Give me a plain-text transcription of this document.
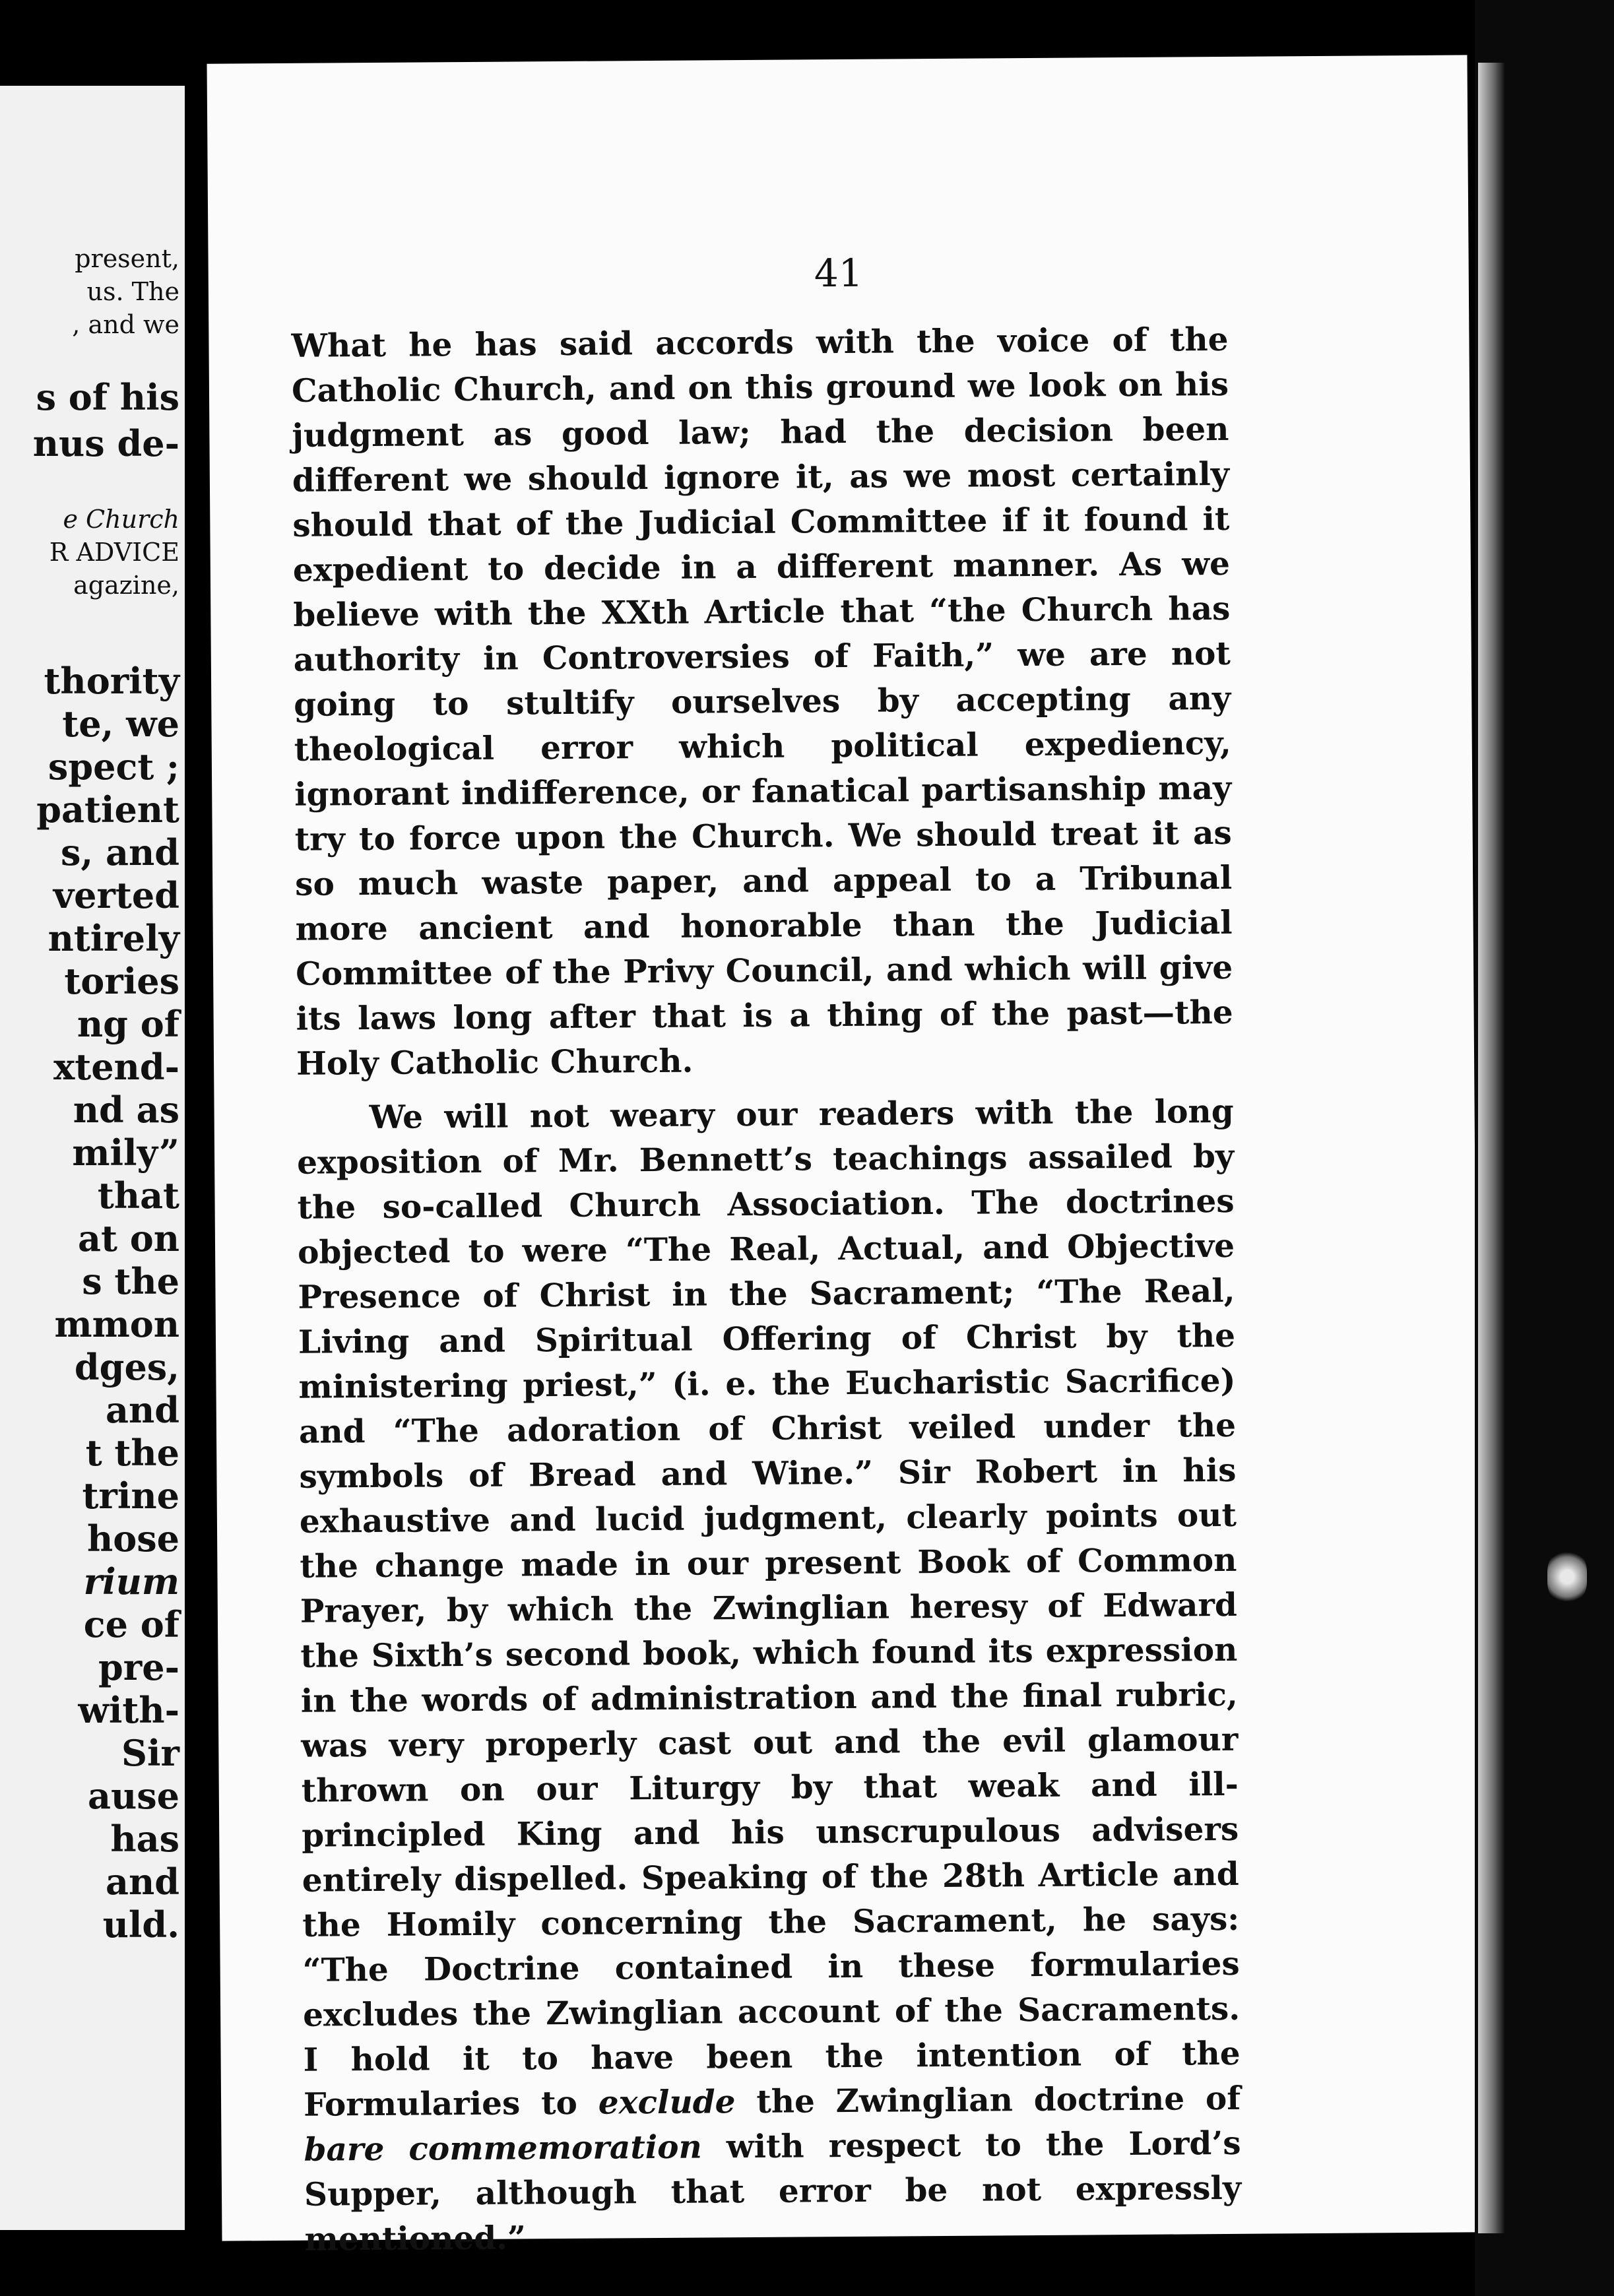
present,
us. The
, and we
s of his
nus de-
e Church
R ADVICE
agazine,
thority
te, we
spect ;
patient
s, and
verted
ntirely
tories
ng of
xtend-
nd as
mily”
that
at on
s the
mmon
dges,
and
t the
trine
hose
rium
ce of
pre-
with-
Sir
ause
has
and
uld.
41

What he has said accords with the voice of the Catholic Church, and on this ground we look on his judgment as good law; had the decision been different we should ignore it, as we most certainly should that of the Judicial Committee if it found it expedient to decide in a different manner. As we believe with the XXth Article that “the Church has authority in Controversies of Faith,” we are not going to stultify ourselves by accepting any theological error which political expediency, ignorant indifference, or fanatical partisanship may try to force upon the Church. We should treat it as so much waste paper, and appeal to a Tribunal more ancient and honorable than the Judicial Committee of the Privy Council, and which will give its laws long after that is a thing of the past—the Holy Catholic Church.

We will not weary our readers with the long exposition of Mr. Bennett’s teachings assailed by the so-called Church Association. The doctrines objected to were “The Real, Actual, and Objective Presence of Christ in the Sacrament; “The Real, Living and Spiritual Offering of Christ by the ministering priest,” (i. e. the Eucharistic Sacrifice) and “The adoration of Christ veiled under the symbols of Bread and Wine.” Sir Robert in his exhaustive and lucid judgment, clearly points out the change made in our present Book of Common Prayer, by which the Zwinglian heresy of Edward the Sixth’s second book, which found its expression in the words of administration and the final rubric, was very properly cast out and the evil glamour thrown on our Liturgy by that weak and ill-principled King and his unscrupulous advisers entirely dispelled. Speaking of the 28th Article and the Homily concerning the Sacrament, he says: “The Doctrine contained in these formularies excludes the Zwinglian account of the Sacraments. I hold it to have been the intention of the Formularies to exclude the Zwinglian doctrine of bare commemoration with respect to the Lord’s Supper, although that error be not expressly mentioned.”
